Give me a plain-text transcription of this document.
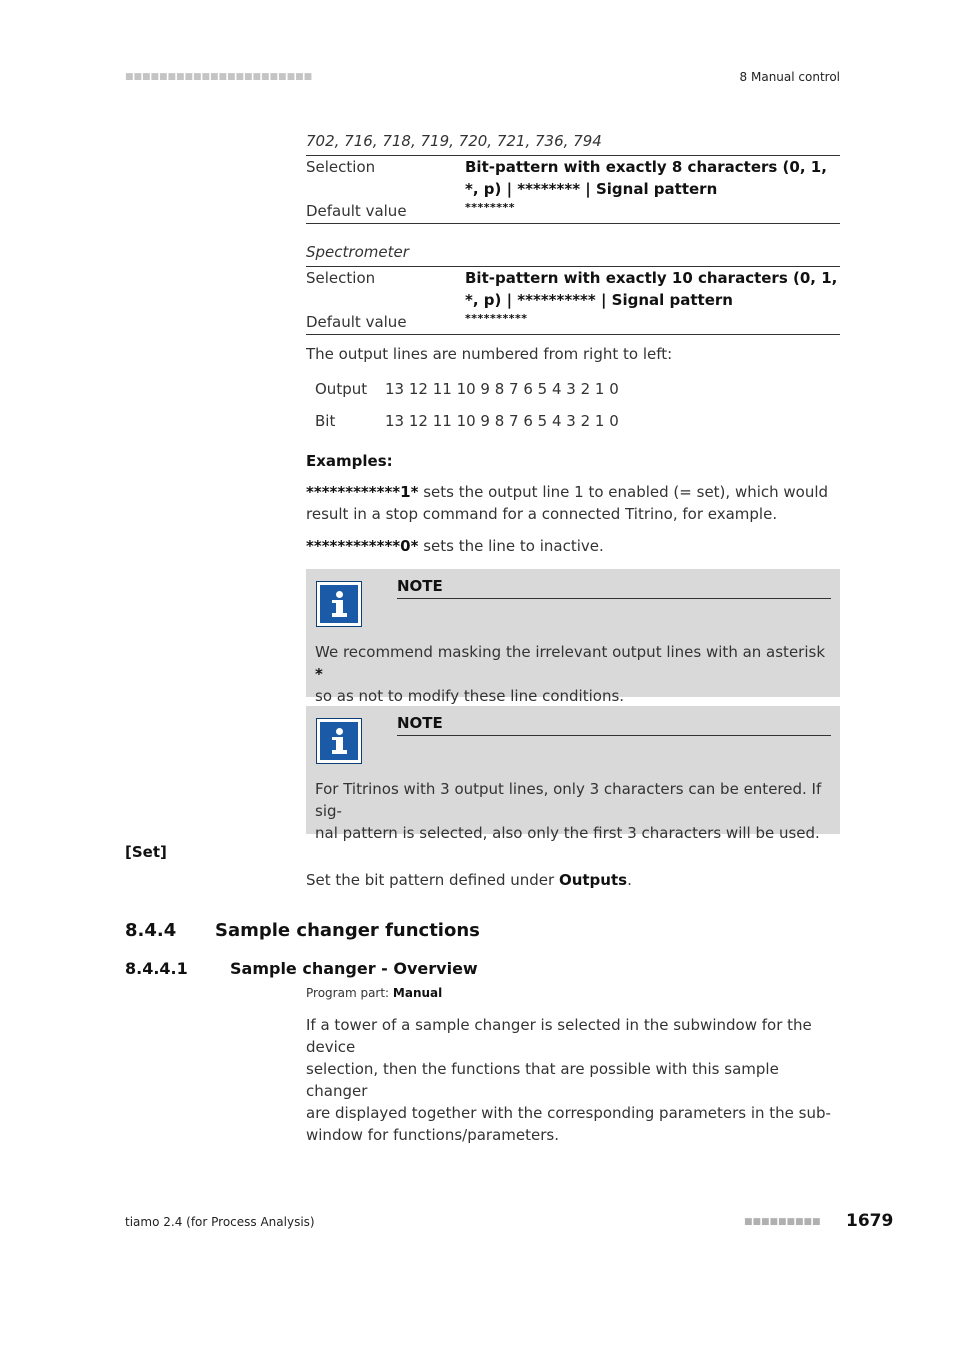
■■■■■■■■■■■■■■■■■■■■■■	8 Manual control
702, 716, 718, 719, 720, 721, 736, 794
Selection	Bit-pattern with exactly 8 characters (0, 1, *, p) | ******** | Signal pattern
Default value	********
Spectrometer
Selection	Bit-pattern with exactly 10 characters (0, 1, *, p) | ********** | Signal pattern
Default value	**********
The output lines are numbered from right to left:
Output	13 12 11 10 9 8 7 6 5 4 3 2 1 0
Bit	13 12 11 10 9 8 7 6 5 4 3 2 1 0
Examples:
************1* sets the output line 1 to enabled (= set), which would
result in a stop command for a connected Titrino, for example.
************0* sets the line to inactive.
NOTE
We recommend masking the irrelevant output lines with an asterisk *
so as not to modify these line conditions.
NOTE
For Titrinos with 3 output lines, only 3 characters can be entered. If sig-
nal pattern is selected, also only the first 3 characters will be used.
[Set]
Set the bit pattern defined under Outputs.
8.4.4 Sample changer functions
8.4.4.1	Sample changer - Overview
Program part: Manual
If a tower of a sample changer is selected in the subwindow for the device
selection, then the functions that are possible with this sample changer
are displayed together with the corresponding parameters in the sub-
window for functions/parameters.
tiamo 2.4 (for Process Analysis)	■■■■■■■■■ 1679
